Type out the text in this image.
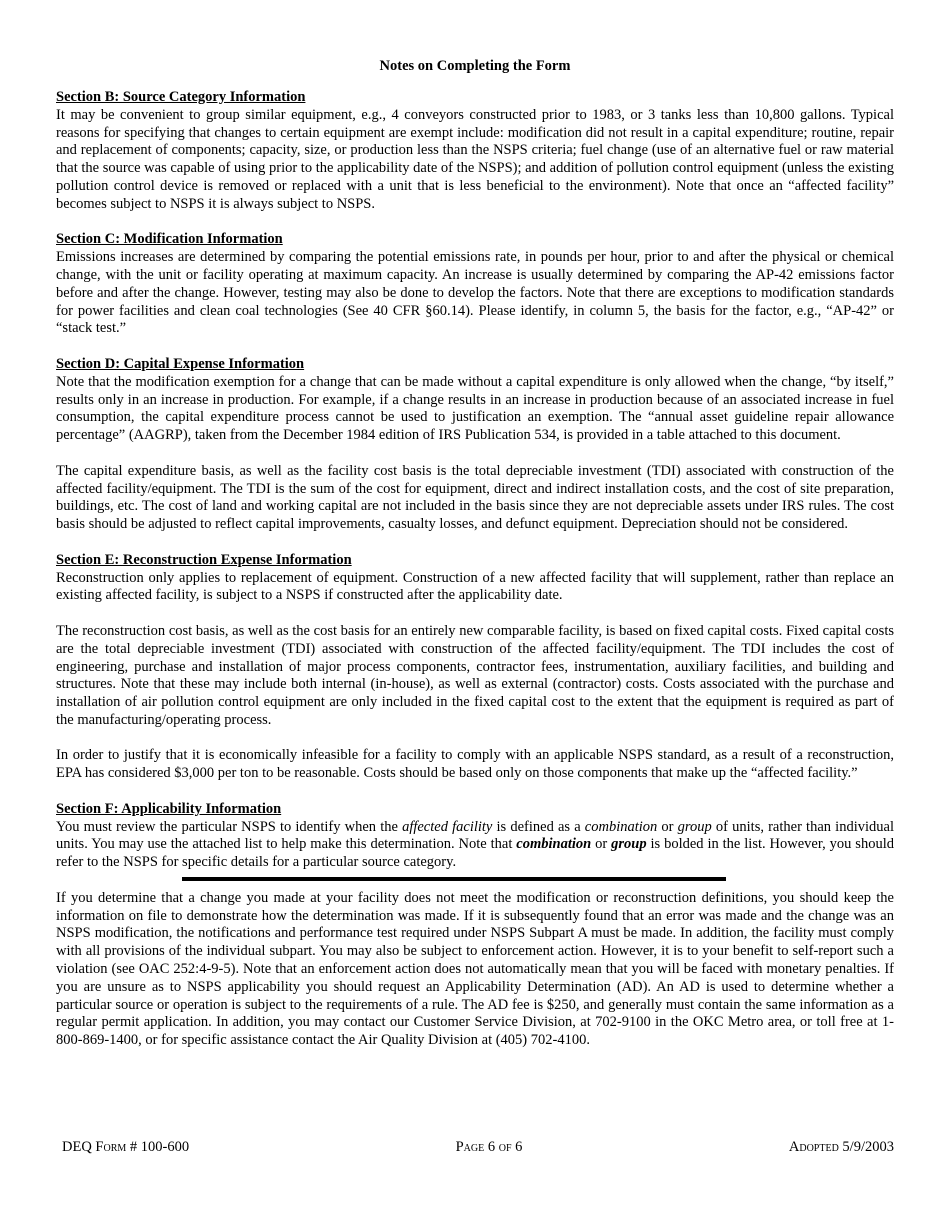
Notes on Completing the Form
Section B: Source Category Information

It may be convenient to group similar equipment, e.g., 4 conveyors constructed prior to 1983, or 3 tanks less than 10,800 gallons. Typical reasons for specifying that changes to certain equipment are exempt include: modification did not result in a capital expenditure; routine, repair and replacement of components; capacity, size, or production less than the NSPS criteria; fuel change (use of an alternative fuel or raw material that the source was capable of using prior to the applicability date of the NSPS); and addition of pollution control equipment (unless the existing pollution control device is removed or replaced with a unit that is less beneficial to the environment). Note that once an “affected facility” becomes subject to NSPS it is always subject to NSPS.

Section C: Modification Information

Emissions increases are determined by comparing the potential emissions rate, in pounds per hour, prior to and after the physical or chemical change, with the unit or facility operating at maximum capacity. An increase is usually determined by comparing the AP-42 emissions factor before and after the change. However, testing may also be done to develop the factors. Note that there are exceptions to modification standards for power facilities and clean coal technologies (See 40 CFR §60.14). Please identify, in column 5, the basis for the factor, e.g., “AP-42” or “stack test.”

Section D: Capital Expense Information

Note that the modification exemption for a change that can be made without a capital expenditure is only allowed when the change, “by itself,” results only in an increase in production. For example, if a change results in an increase in production because of an associated increase in fuel consumption, the capital expenditure process cannot be used to justification an exemption. The “annual asset guideline repair allowance percentage” (AAGRP), taken from the December 1984 edition of IRS Publication 534, is provided in a table attached to this document.

The capital expenditure basis, as well as the facility cost basis is the total depreciable investment (TDI) associated with construction of the affected facility/equipment. The TDI is the sum of the cost for equipment, direct and indirect installation costs, and the cost of site preparation, buildings, etc. The cost of land and working capital are not included in the basis since they are not depreciable assets under IRS rules. The cost basis should be adjusted to reflect capital improvements, casualty losses, and defunct equipment. Depreciation should not be considered.

Section E: Reconstruction Expense Information

Reconstruction only applies to replacement of equipment. Construction of a new affected facility that will supplement, rather than replace an existing affected facility, is subject to a NSPS if constructed after the applicability date.

The reconstruction cost basis, as well as the cost basis for an entirely new comparable facility, is based on fixed capital costs. Fixed capital costs are the total depreciable investment (TDI) associated with construction of the affected facility/equipment. The TDI includes the cost of engineering, purchase and installation of major process components, contractor fees, instrumentation, auxiliary facilities, and building and structures. Note that these may include both internal (in-house), as well as external (contractor) costs. Costs associated with the purchase and installation of air pollution control equipment are only included in the fixed capital cost to the extent that the equipment is required as part of the manufacturing/operating process.

In order to justify that it is economically infeasible for a facility to comply with an applicable NSPS standard, as a result of a reconstruction, EPA has considered $3,000 per ton to be reasonable. Costs should be based only on those components that make up the “affected facility.”

Section F: Applicability Information

You must review the particular NSPS to identify when the affected facility is defined as a combination or group of units, rather than individual units. You may use the attached list to help make this determination. Note that combination or group is bolded in the list. However, you should refer to the NSPS for specific details for a particular source category.

If you determine that a change you made at your facility does not meet the modification or reconstruction definitions, you should keep the information on file to demonstrate how the determination was made. If it is subsequently found that an error was made and the change was an NSPS modification, the notifications and performance test required under NSPS Subpart A must be made. In addition, the facility must comply with all provisions of the individual subpart. You may also be subject to enforcement action. However, it is to your benefit to self-report such a violation (see OAC 252:4-9-5). Note that an enforcement action does not automatically mean that you will be faced with monetary penalties. If you are unsure as to NSPS applicability you should request an Applicability Determination (AD). An AD is used to determine whether a particular source or operation is subject to the requirements of a rule. The AD fee is $250, and generally must contain the same information as a regular permit application. In addition, you may contact our Customer Service Division, at 702-9100 in the OKC Metro area, or toll free at 1-800-869-1400, or for specific assistance contact the Air Quality Division at (405) 702-4100.

DEQ Form # 100-600	Page 6 of 6	Adopted 5/9/2003
